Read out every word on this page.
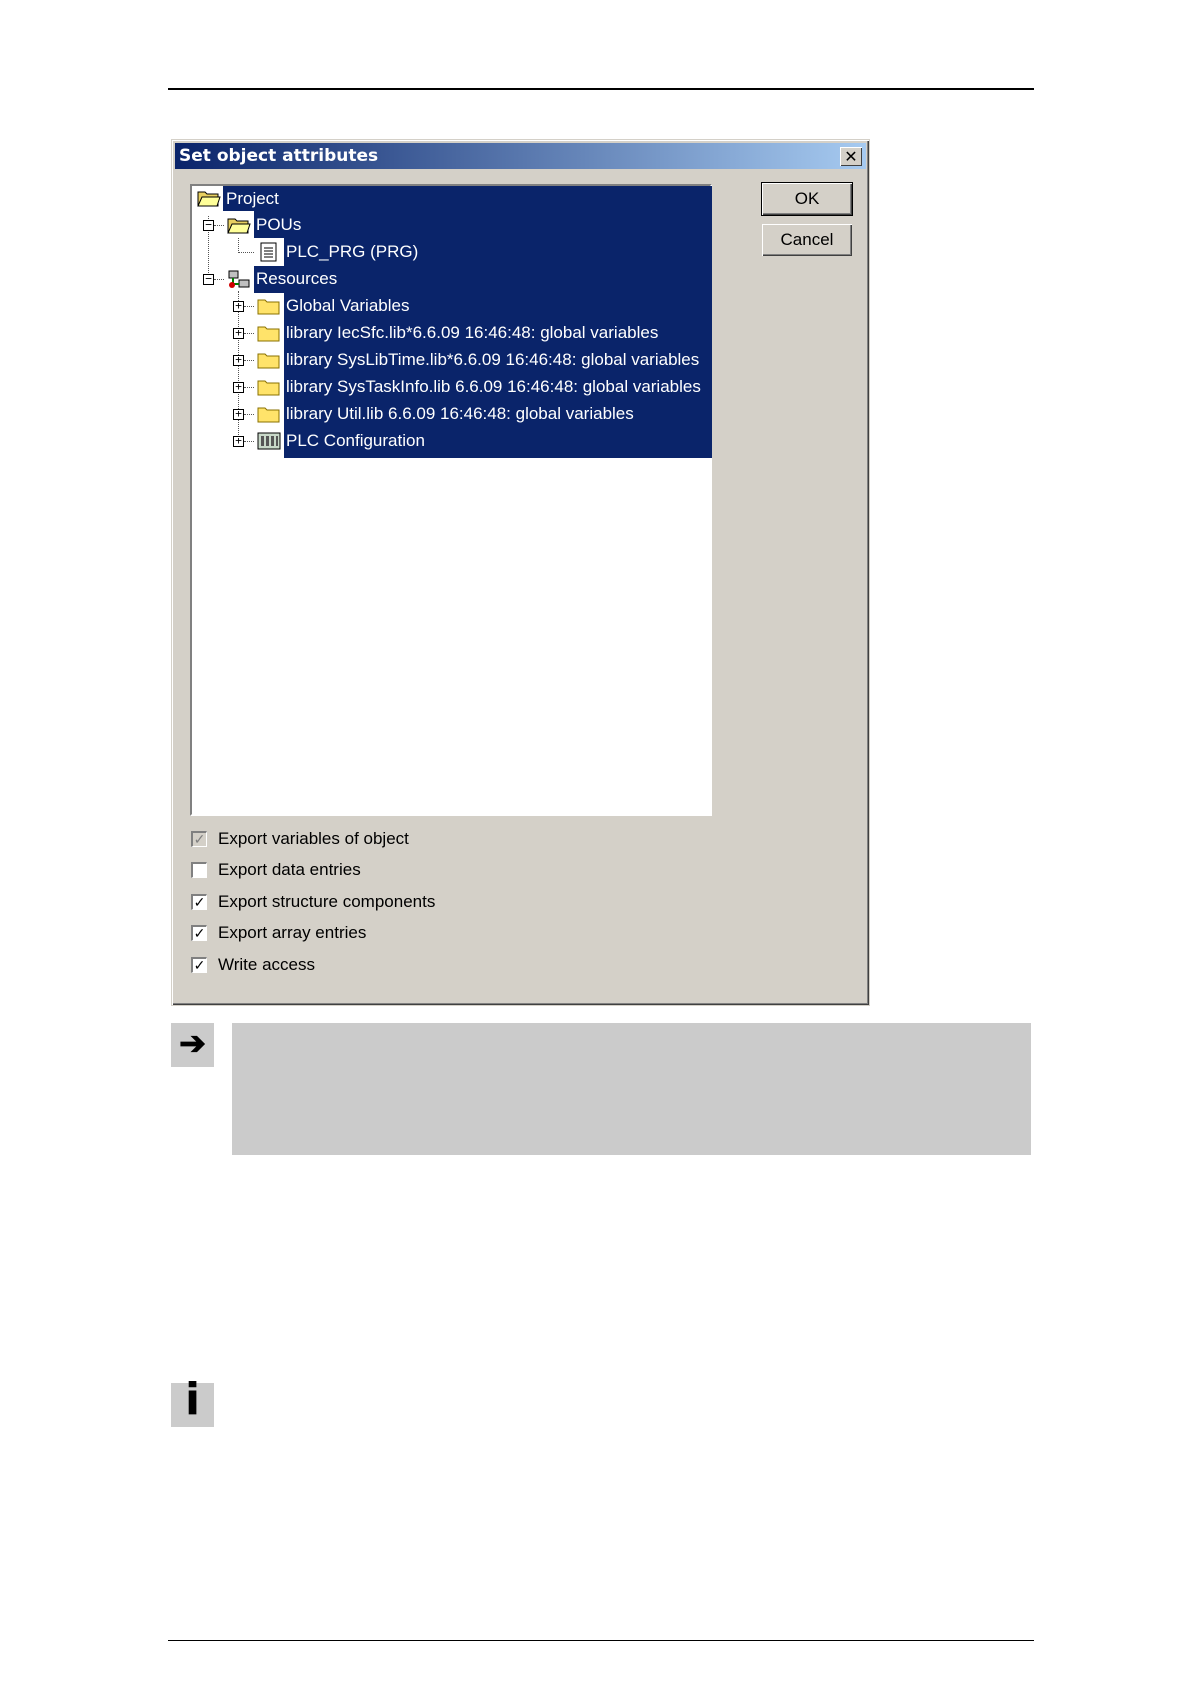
Set object attributes	✕
−
−
+
+
+
+
+
+
Project
POUs
PLC_PRG (PRG)
Resources
Global Variables
library IecSfc.lib*6.6.09 16:46:48: global variables
library SysLibTime.lib*6.6.09 16:46:48: global variables
library SysTaskInfo.lib 6.6.09 16:46:48: global variables
library Util.lib 6.6.09 16:46:48: global variables
PLC Configuration
OK
Cancel
✓ Export variables of object
Export data entries
✓ Export structure components
✓ Export array entries
✓ Write access
➔
i
